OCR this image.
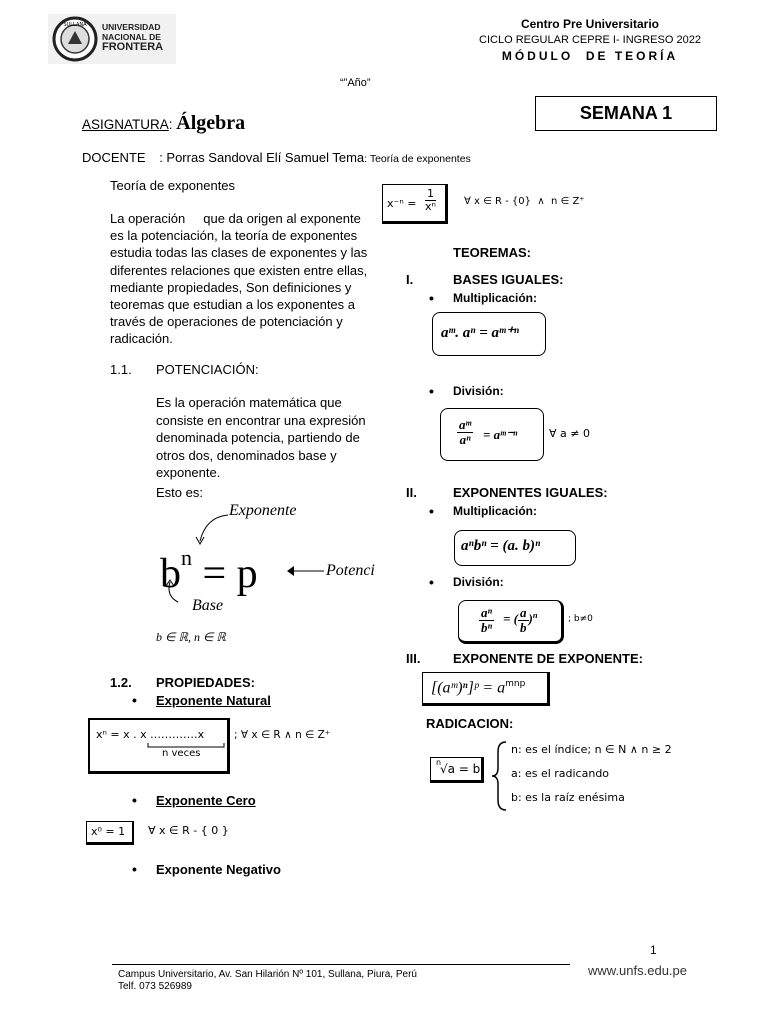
SULLANA UNIVERSIDAD
NACIONAL DE
FRONTERA
Centro Pre Universitario
CICLO REGULAR CEPRE I- INGRESO 2022
MÓDULO  DE TEORÍA
“”Año”
SEMANA 1
ASIGNATURA: Álgebra
DOCENTE : Porras Sandoval Elí Samuel Tema: Teoría de exponentes
Teoría de exponentes
La operación     que da origen al exponente es la potenciación, la teoría de exponentes estudia todas las clases de exponentes y las diferentes relaciones que existen entre ellas, mediante propiedades, Son definiciones y teoremas que estudian a los exponentes a través de operaciones de potenciación y radicación.
1.1. POTENCIACIÓN:
Es la operación matemática que consiste en encontrar una expresión denominada potencia, partiendo de otros dos, denominados base y exponente.
Esto es:
Exponente
$b^n = p$	Potenci
Base
b ∈ ℝ, n ∈ ℝ
1.2. PROPIEDADES:
• Exponente Natural
xⁿ = x . x .…………x
n veces
; ∀ x ∈ R ∧ n ∈ Z⁺
• Exponente Cero
x⁰ = 1	∀ x ∈ R - { 0 }
• Exponente Negativo
$x^{-n} = \frac{1}{\text{xⁿ}}$	∀ x ∈ R - {0}  ∧  n ∈ Z⁺
TEOREMAS:
I.	BASES IGUALES:
• Multiplicación:
aᵐ. aⁿ = aᵐ⁺ⁿ
• División:
$\frac{\text{aᵐ}}{\text{aⁿ}}$ = aᵐ⁻ⁿ	∀ a ≠ 0
II.	EXPONENTES IGUALES:
• Multiplicación:
aⁿbⁿ = (a. b)ⁿ
• División:
$\frac{\text{aⁿ}}{\text{bⁿ}}$ = ( $\frac{a}{b} )^n$	; b≠0
III.	EXPONENTE DE EXPONENTE:
[(aᵐ)ⁿ]ᵖ = $a^{mnp}$
RADICACION:
n
√a = b
n: es el índice; n ∈ N ∧ n ≥ 2
a: es el radicando
b: es la raíz enésima
1
Campus Universitario, Av. San Hilarión Nº 101, Sullana, Piura, Perú
Telf. 073 526989
www.unfs.edu.pe
